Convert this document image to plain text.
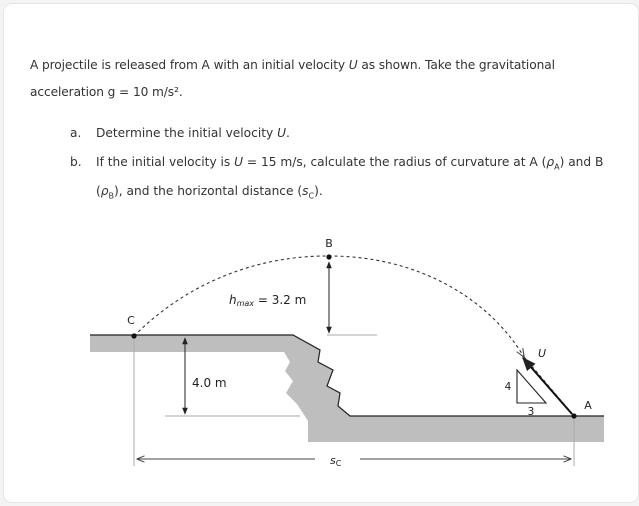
A projectile is released from A with an initial velocity U as shown. Take the gravitational acceleration g = 10 m/s².
a. Determine the initial velocity U.
b. If the initial velocity is U = 15 m/s, calculate the radius of curvature at A $(\rho_A)$ and B $(\rho_B)$, and the horizontal distance $(s_C)$.
B
C
A
U
hmax = 3.2 m
4.0 m	4
3
sC
